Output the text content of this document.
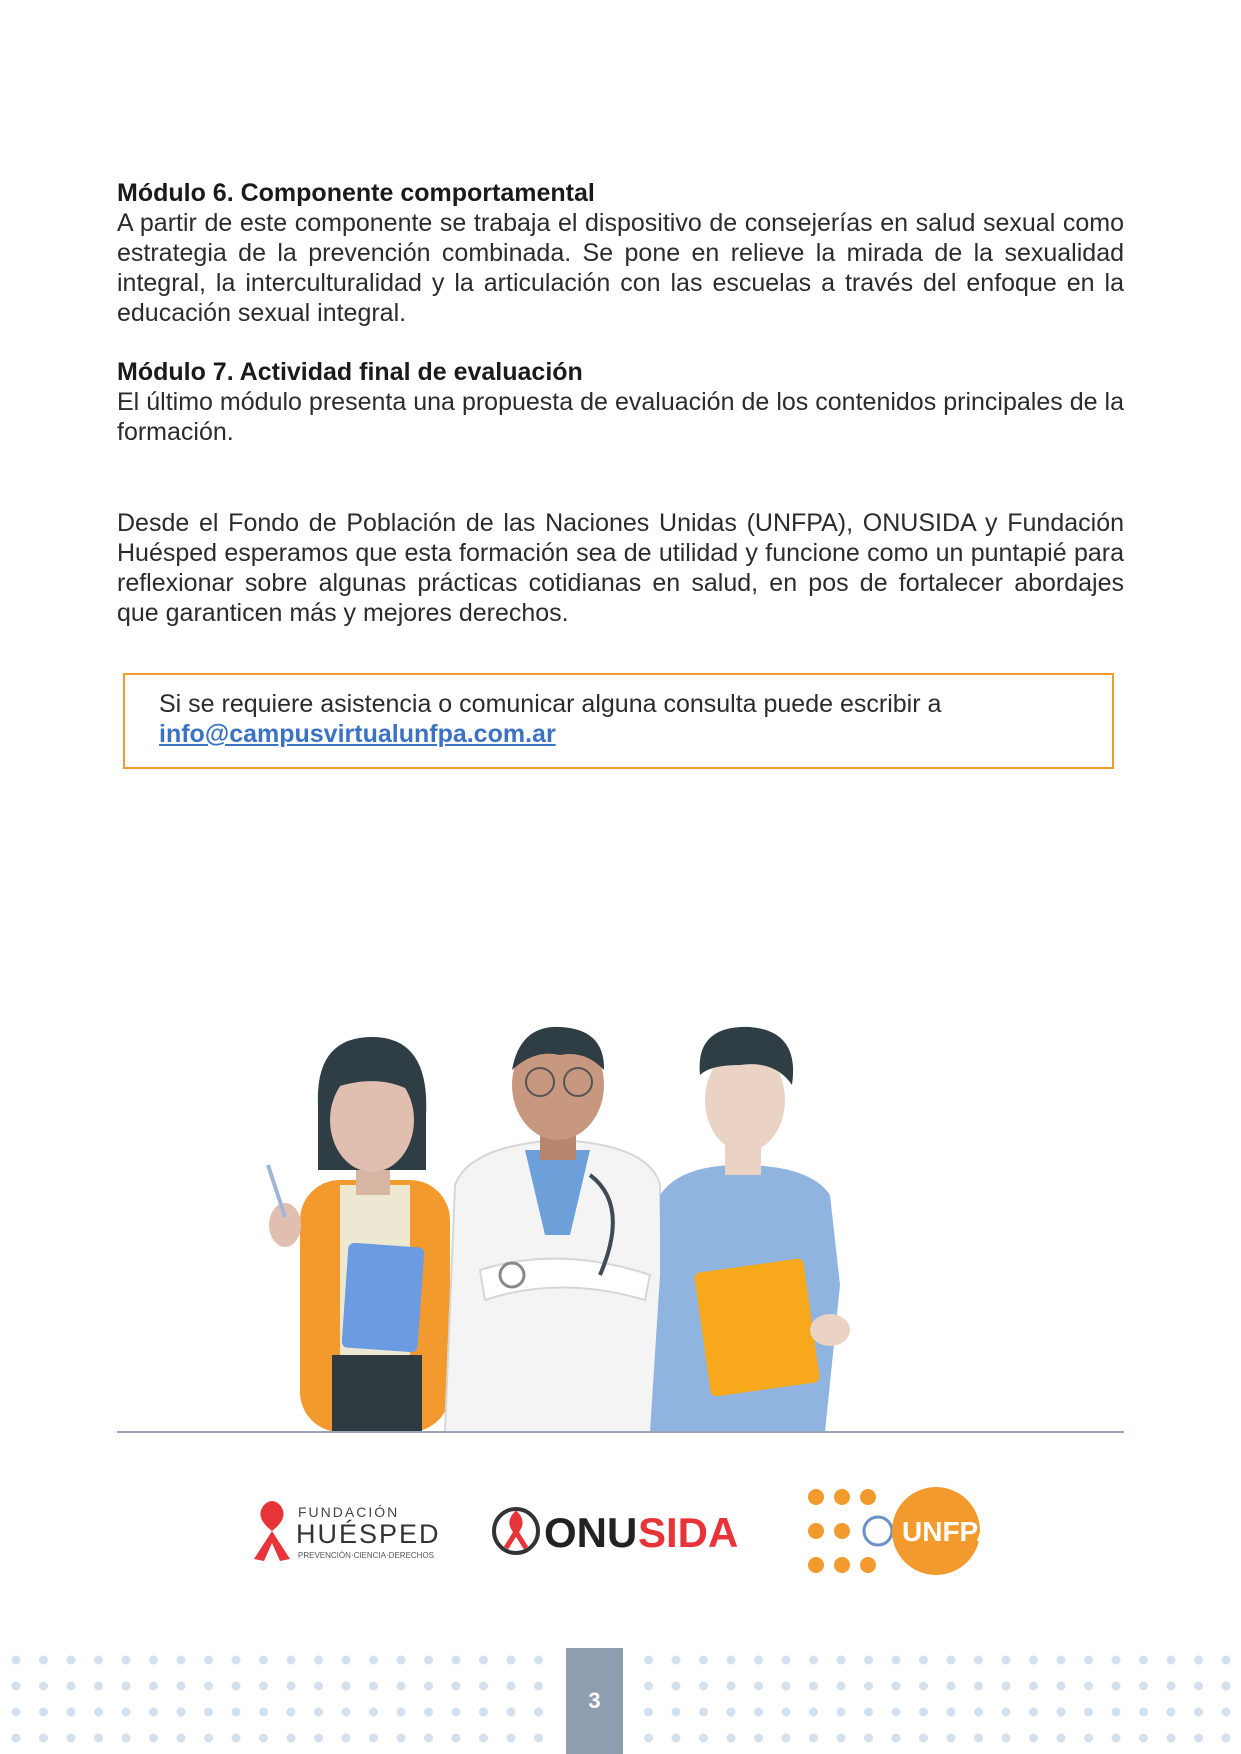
Módulo 6. Componente comportamental

A partir de este componente se trabaja el dispositivo de consejerías en salud sexual como estrategia de la prevención combinada. Se pone en relieve la mirada de la sexualidad integral, la interculturalidad y la articulación con las escuelas a través del enfoque en la educación sexual integral.

Módulo 7. Actividad final de evaluación

El último módulo presenta una propuesta de evaluación de los contenidos principales de la formación.

Desde el Fondo de Población de las Naciones Unidas (UNFPA), ONUSIDA y Fundación Huésped esperamos que esta formación sea de utilidad y funcione como un puntapié para reflexionar sobre algunas prácticas cotidianas en salud, en pos de fortalecer abordajes que garanticen más y mejores derechos.

Si se requiere asistencia o comunicar alguna consulta puede escribir a
info@campusvirtualunfpa.com.ar
FUNDACIÓN
HUÉSPED
PREVENCIÓN·CIENCIA·DERECHOS	ONU SIDA	UNFPA
3
